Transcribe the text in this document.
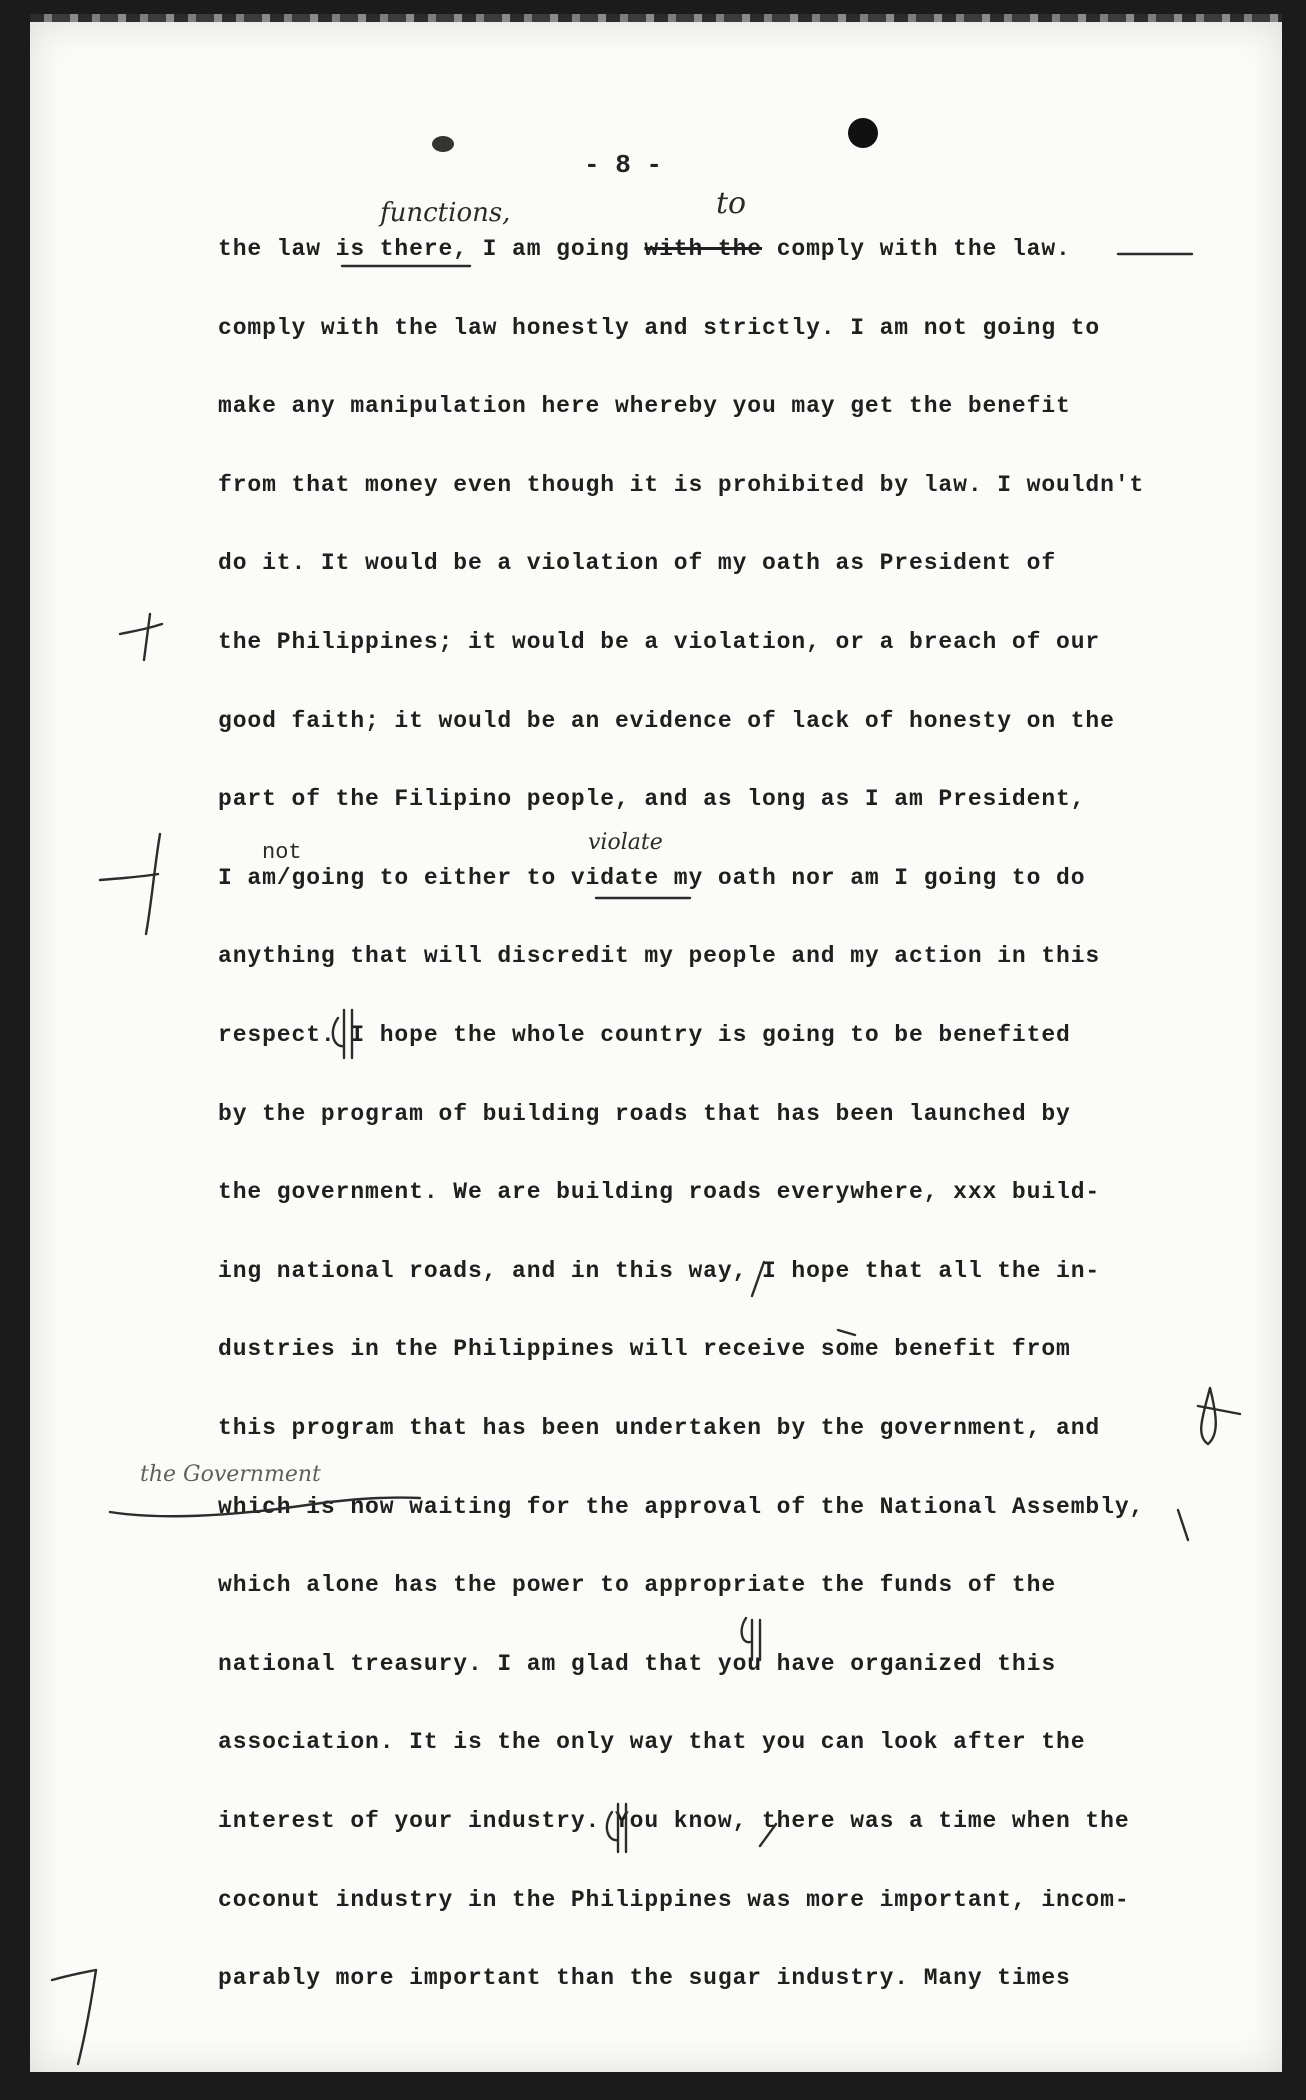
- 8 -
the law is there, I am going with the comply with the law.
comply with the law honestly and strictly. I am not going to
make any manipulation here whereby you may get the benefit
from that money even though it is prohibited by law. I wouldn't
do it. It would be a violation of my oath as President of
the Philippines; it would be a violation, or a breach of our
good faith; it would be an evidence of lack of honesty on the
part of the Filipino people, and as long as I am President,
I am/going to either to vidate my oath nor am I going to do
anything that will discredit my people and my action in this
respect. I hope the whole country is going to be benefited
by the program of building roads that has been launched by
the government. We are building roads everywhere, xxx build-
ing national roads, and in this way, I hope that all the in-
dustries in the Philippines will receive some benefit from
this program that has been undertaken by the government, and
which is now waiting for the approval of the National Assembly,
which alone has the power to appropriate the funds of the
national treasury. I am glad that you have organized this
association. It is the only way that you can look after the
interest of your industry. You know, there was a time when the
coconut industry in the Philippines was more important, incom-
parably more important than the sugar industry. Many times
functions,	to
not	violate
the Government
